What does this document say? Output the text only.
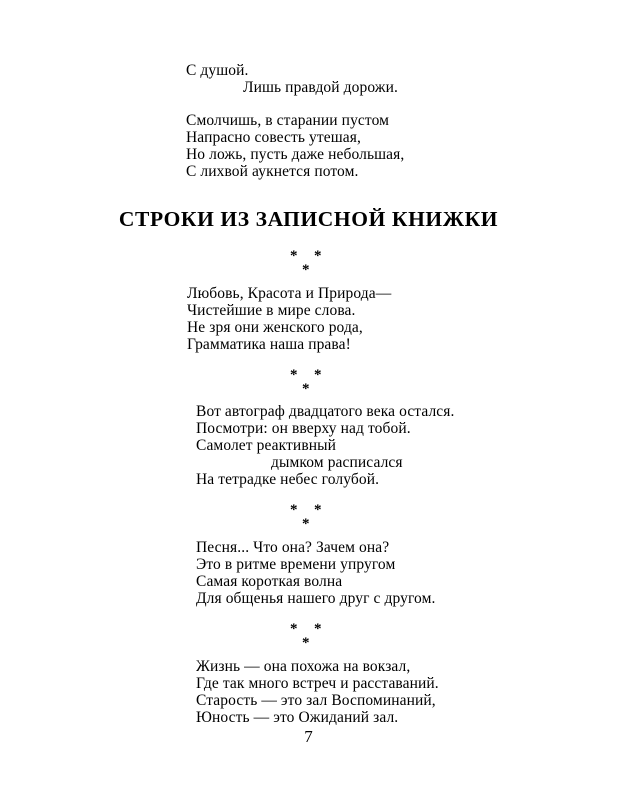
С душой.
Лишь правдой дорожи.
Смолчишь, в старании пустом
Напрасно совесть утешая,
Но ложь, пусть даже небольшая,
С лихвой аукнется потом.
СТРОКИ ИЗ ЗАПИСНОЙ КНИЖКИ
* *
*
Любовь, Красота и Природа—
Чистейшие в мире слова.
Не зря они женского рода,
Грамматика наша права!
* *
*
Вот автограф двадцатого века остался.
Посмотри: он вверху над тобой.
Самолет реактивный
дымком расписался
На тетрадке небес голубой.
* *
*
Песня... Что она? Зачем она?
Это в ритме времени упругом
Самая короткая волна
Для общенья нашего друг с другом.
* *
*
Жизнь — она похожа на вокзал,
Где так много встреч и расставаний.
Старость — это зал Воспоминаний,
Юность — это Ожиданий зал.
7
